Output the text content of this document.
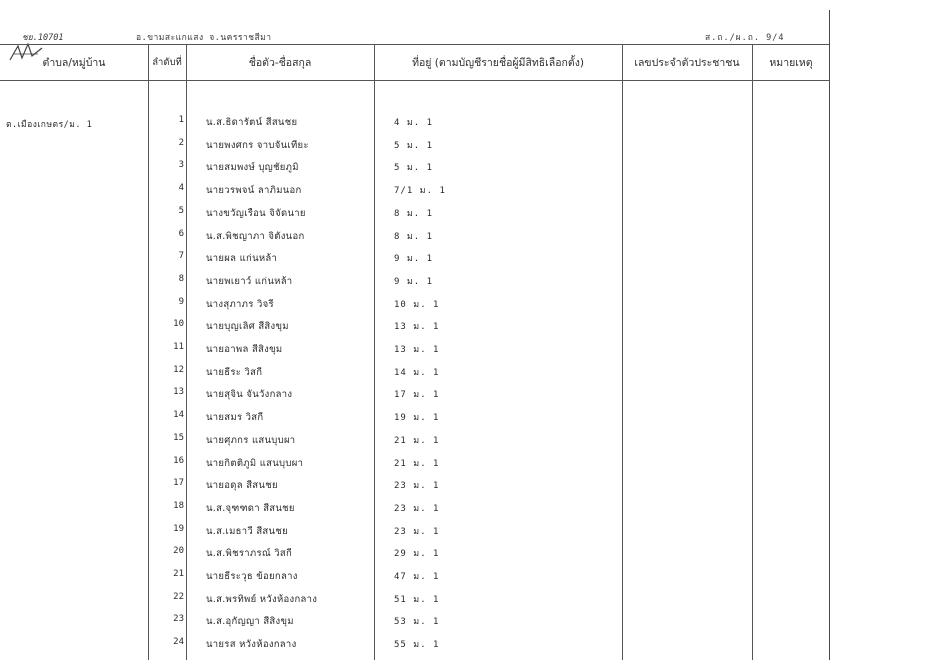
ชย.10701	อ.ขามสะแกแสง จ.นครราชสีมา	ส.ถ./ผ.ถ. 9/4
ตำบล/หมู่บ้าน	ลำดับที่	ชื่อตัว-ชื่อสกุล	ที่อยู่ (ตามบัญชีรายชื่อผู้มีสิทธิเลือกตั้ง)	เลขประจำตัวประชาชน	หมายเหตุ
ต.เมืองเกษตร/ม. 1	1 น.ส.ธิดารัตน์ สีสนชย	4 ม. 1
2 นายพงศกร จาบจันเทียะ	5 ม. 1
3 นายสมพงษ์ บุญชัยภูมิ	5 ม. 1
4 นายวรพจน์ ลาภิมนอก	7/1 ม. 1
5 นางขวัญเรือน จิจัดนาย	8 ม. 1
6 น.ส.พิชญาภา จิตังนอก	8 ม. 1
7 นายผล แก่นหล้า	9 ม. 1
8 นายพเยาว์ แก่นหล้า	9 ม. 1
9 นางสุภาภร วิจรี	10 ม. 1
10 นายบุญเลิศ สีสิงขุม	13 ม. 1
11 นายอาพล สีสิงขุม	13 ม. 1
12 นายธีระ วิสกี	14 ม. 1
13 นายสุจิน จันวังกลาง	17 ม. 1
14 นายสมร วิสกี	19 ม. 1
15 นายศุภกร แสนบุบผา	21 ม. 1
16 นายกิตติภูมิ แสนบุบผา	21 ม. 1
17 นายอดุล สีสนชย	23 ม. 1
18 น.ส.จุฑฑดา สีสนชย	23 ม. 1
19 น.ส.เมธาวี สีสนชย	23 ม. 1
20 น.ส.พิชราภรณ์ วิสกี	29 ม. 1
21 นายธีระวุธ ข้อยกลาง	47 ม. 1
22 น.ส.พรทิพย์ หวังห้องกลาง	51 ม. 1
23 น.ส.อุกัญญา สีสิงขุม	53 ม. 1
24 นายรส หวังห้องกลาง	55 ม. 1
